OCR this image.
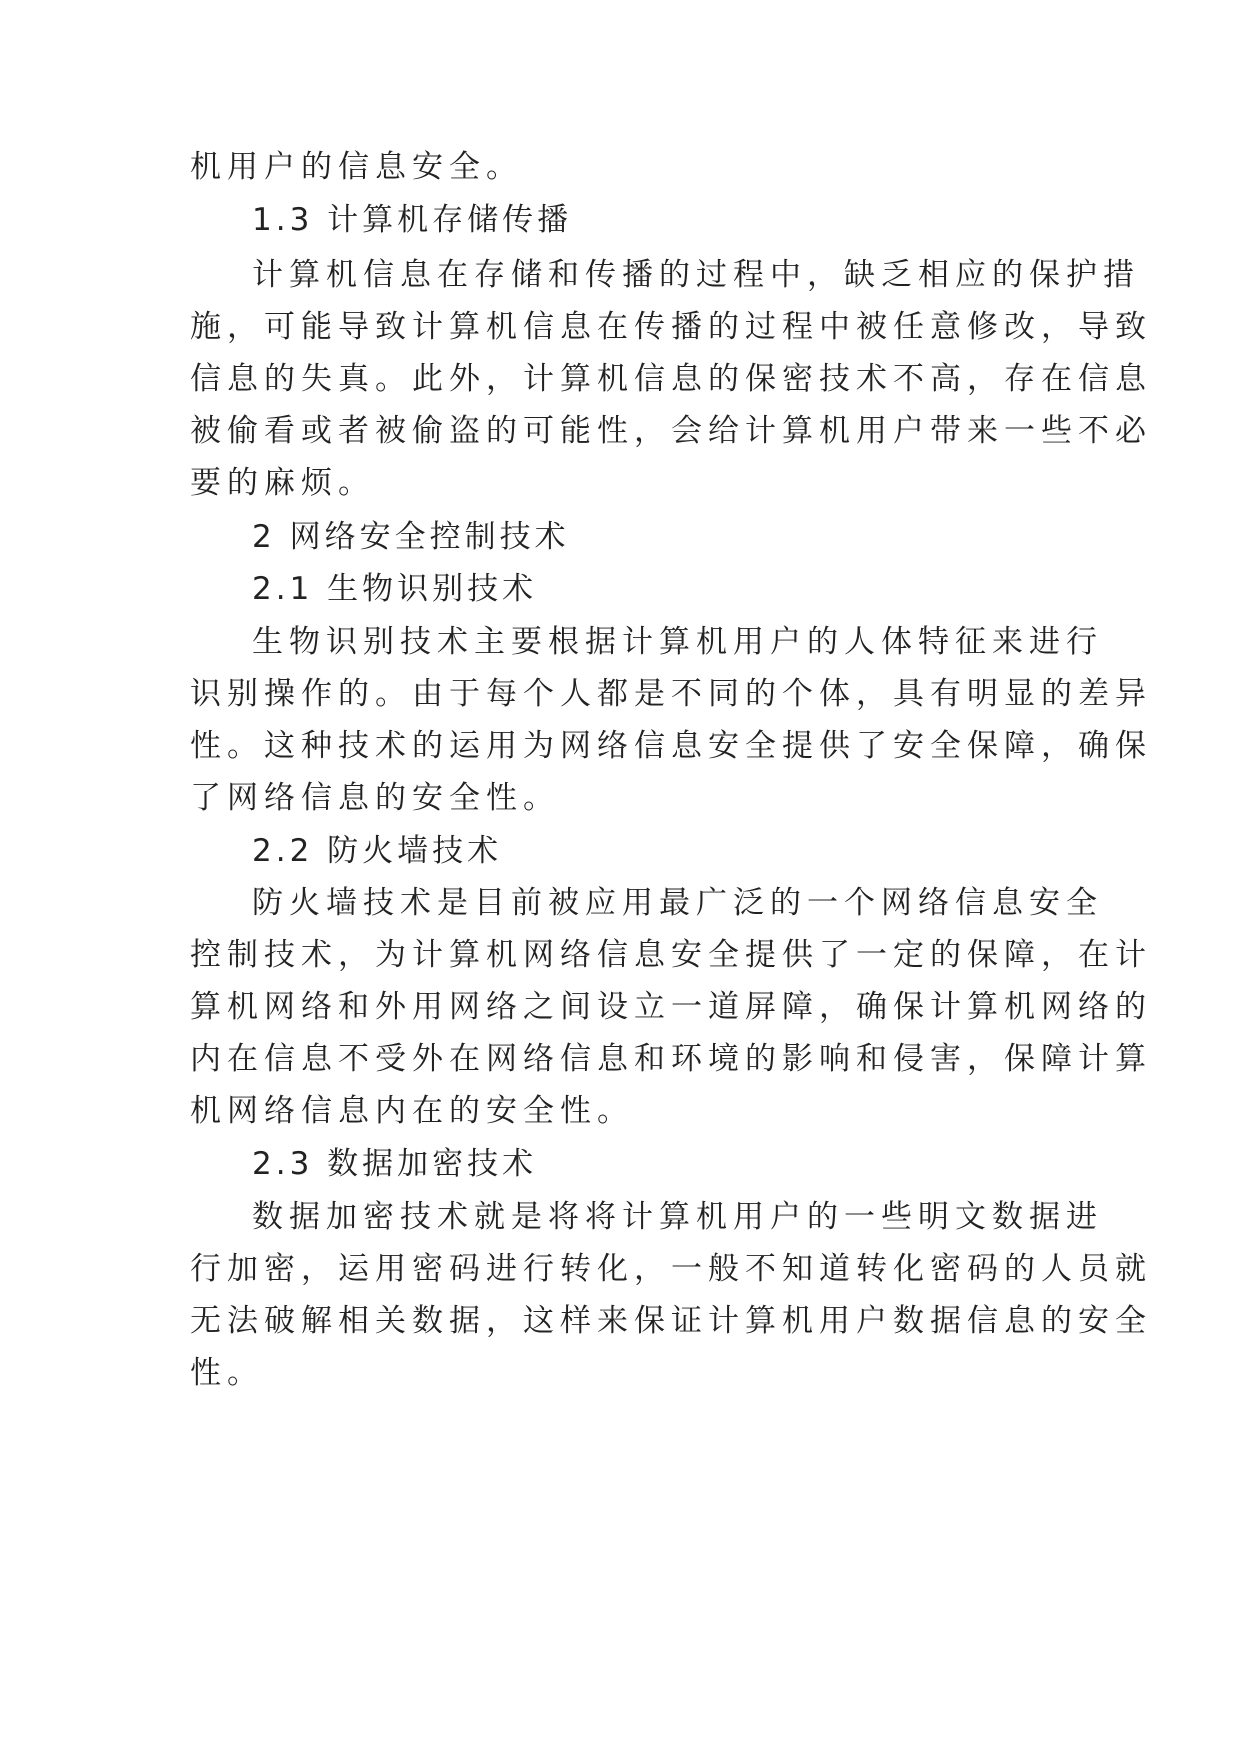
机用户的信息安全。

1.3 计算机存储传播

计算机信息在存储和传播的过程中，缺乏相应的保护措

施，可能导致计算机信息在传播的过程中被任意修改，导致

信息的失真。此外，计算机信息的保密技术不高，存在信息

被偷看或者被偷盗的可能性，会给计算机用户带来一些不必

要的麻烦。

2 网络安全控制技术

2.1 生物识别技术

生物识别技术主要根据计算机用户的人体特征来进行

识别操作的。由于每个人都是不同的个体，具有明显的差异

性。这种技术的运用为网络信息安全提供了安全保障，确保

了网络信息的安全性。

2.2 防火墙技术

防火墙技术是目前被应用最广泛的一个网络信息安全

控制技术，为计算机网络信息安全提供了一定的保障，在计

算机网络和外用网络之间设立一道屏障，确保计算机网络的

内在信息不受外在网络信息和环境的影响和侵害，保障计算

机网络信息内在的安全性。

2.3 数据加密技术

数据加密技术就是将将计算机用户的一些明文数据进

行加密，运用密码进行转化，一般不知道转化密码的人员就

无法破解相关数据，这样来保证计算机用户数据信息的安全

性。
